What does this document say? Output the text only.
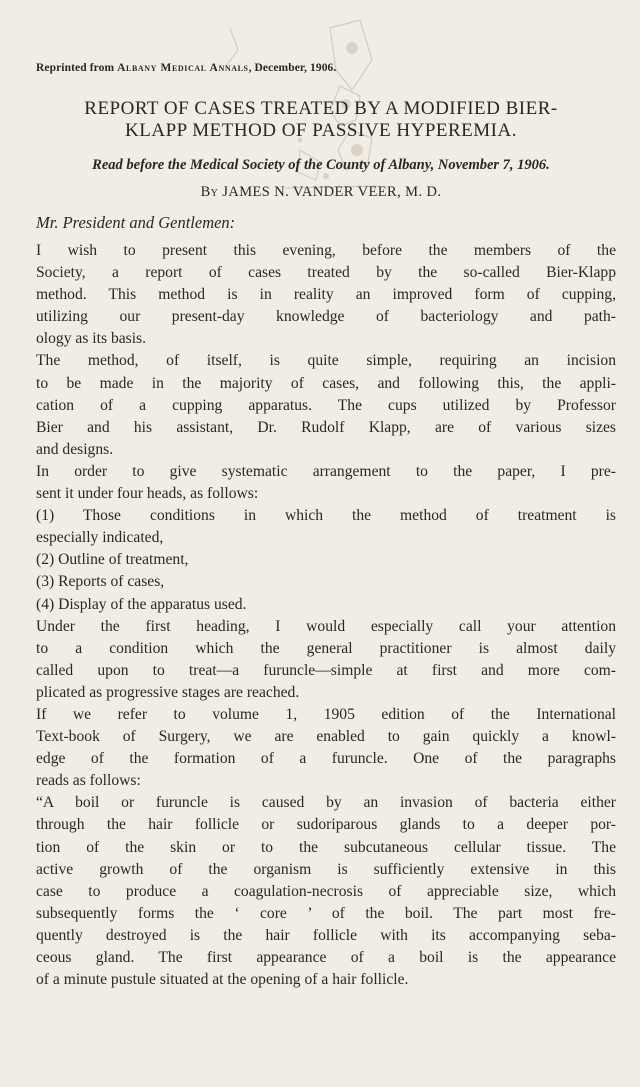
Reprinted from Albany Medical Annals, December, 1906.
REPORT OF CASES TREATED BY A MODIFIED BIER-
KLAPP METHOD OF PASSIVE HYPEREMIA.
Read before the Medical Society of the County of Albany, November 7, 1906.
By JAMES N. VANDER VEER, M. D.
Mr. President and Gentlemen:
I wish to present this evening, before the members of the
Society, a report of cases treated by the so-called Bier-Klapp
method. This method is in reality an improved form of cupping,
utilizing our present-day knowledge of bacteriology and path-
ology as its basis.
The method, of itself, is quite simple, requiring an incision
to be made in the majority of cases, and following this, the appli-
cation of a cupping apparatus. The cups utilized by Professor
Bier and his assistant, Dr. Rudolf Klapp, are of various sizes
and designs.
In order to give systematic arrangement to the paper, I pre-
sent it under four heads, as follows:
(1) Those conditions in which the method of treatment is
especially indicated,
(2) Outline of treatment,
(3) Reports of cases,
(4) Display of the apparatus used.
Under the first heading, I would especially call your attention
to a condition which the general practitioner is almost daily
called upon to treat—a furuncle—simple at first and more com-
plicated as progressive stages are reached.
If we refer to volume 1, 1905 edition of the International
Text-book of Surgery, we are enabled to gain quickly a knowl-
edge of the formation of a furuncle. One of the paragraphs
reads as follows:
“A boil or furuncle is caused by an invasion of bacteria either
through the hair follicle or sudoriparous glands to a deeper por-
tion of the skin or to the subcutaneous cellular tissue. The
active growth of the organism is sufficiently extensive in this
case to produce a coagulation-necrosis of appreciable size, which
subsequently forms the ‘ core ’ of the boil. The part most fre-
quently destroyed is the hair follicle with its accompanying seba-
ceous gland. The first appearance of a boil is the appearance
of a minute pustule situated at the opening of a hair follicle.
